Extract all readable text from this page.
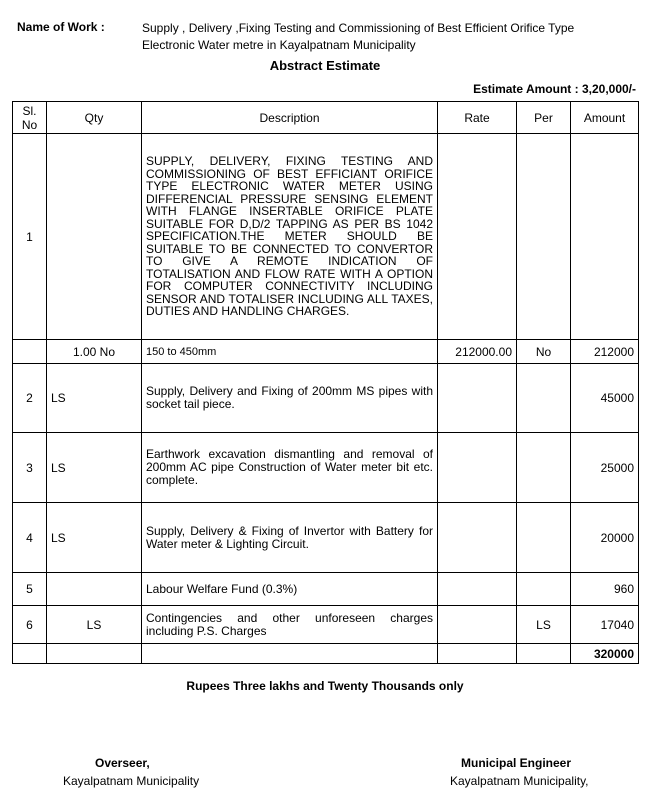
Name of Work :	Supply , Delivery ,Fixing Testing and Commissioning of Best Efficient Orifice Type
Electronic Water metre in Kayalpatnam Municipality
Abstract Estimate
Estimate Amount : 3,20,000/-
Sl. No	Qty	Description	Rate	Per	Amount
1		SUPPLY, DELIVERY, FIXING TESTING AND COMMISSIONING OF BEST EFFICIANT ORIFICE TYPE ELECTRONIC WATER METER USING DIFFERENCIAL PRESSURE SENSING ELEMENT WITH FLANGE INSERTABLE ORIFICE PLATE SUITABLE FOR D,D/2 TAPPING AS PER BS 1042 SPECIFICATION.THE METER SHOULD BE SUITABLE TO BE CONNECTED TO CONVERTOR TO GIVE A REMOTE INDICATION OF TOTALISATION AND FLOW RATE WITH A OPTION FOR COMPUTER CONNECTIVITY INCLUDING SENSOR AND TOTALISER INCLUDING ALL TAXES, DUTIES AND HANDLING CHARGES.			
	1.00 No	150 to 450mm	212000.00	No	212000
2	LS	Supply, Delivery and Fixing of 200mm MS pipes with socket tail piece.			45000
3	LS	Earthwork excavation dismantling and removal of 200mm AC pipe Construction of Water meter bit etc. complete.			25000
4	LS	Supply, Delivery & Fixing of Invertor with Battery for Water meter & Lighting Circuit.			20000
5		Labour Welfare Fund (0.3%)			960
6	LS	Contingencies and other unforeseen charges including P.S. Charges		LS	17040
					320000
Rupees Three lakhs and Twenty Thousands only
Overseer,
Kayalpatnam Municipality
Municipal Engineer
Kayalpatnam Municipality,
